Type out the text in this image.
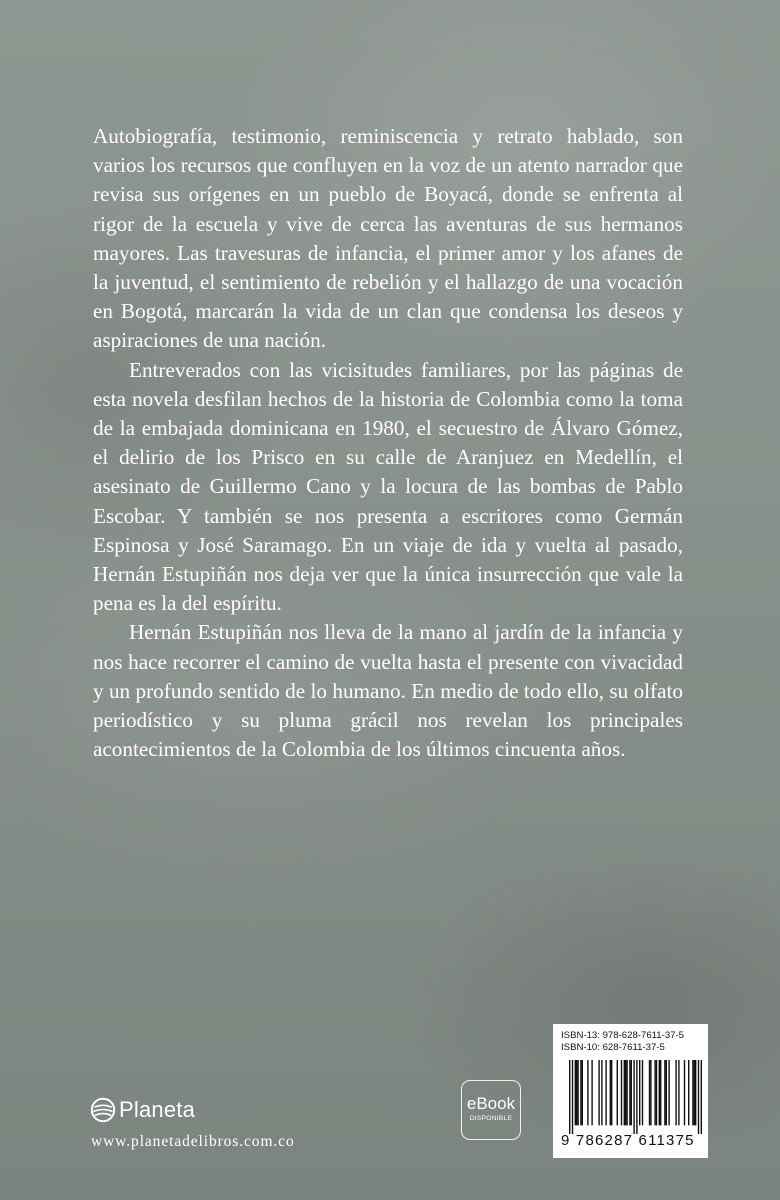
Autobiografía, testimonio, reminiscencia y retrato hablado, son varios los recursos que confluyen en la voz de un atento narrador que revisa sus orígenes en un pueblo de Boyacá, donde se enfrenta al rigor de la escuela y vive de cerca las aventuras de sus hermanos mayores. Las travesuras de infancia, el primer amor y los afanes de la juventud, el sentimiento de rebelión y el hallazgo de una vocación en Bogotá, marcarán la vida de un clan que condensa los deseos y aspiraciones de una nación.

Entreverados con las vicisitudes familiares, por las páginas de esta novela desfilan hechos de la historia de Colombia como la toma de la embajada dominicana en 1980, el secuestro de Álvaro Gómez, el delirio de los Prisco en su calle de Aranjuez en Medellín, el asesinato de Guillermo Cano y la locura de las bombas de Pablo Escobar. Y también se nos presenta a escritores como Germán Espinosa y José Saramago. En un viaje de ida y vuelta al pasado, Hernán Estupiñán nos deja ver que la única insurrección que vale la pena es la del espíritu.

Hernán Estupiñán nos lleva de la mano al jardín de la infancia y nos hace recorrer el camino de vuelta hasta el presente con vivacidad y un profundo sentido de lo humano. En medio de todo ello, su olfato periodístico y su pluma grácil nos revelan los principales acontecimientos de la Colombia de los últimos cincuenta años.

Planeta
www.planetadelibros.com.co
eBook
DISPONIBLE
ISBN-13: 978-628-7611-37-5
ISBN-10: 628-7611-37-5
9 786287 611375
